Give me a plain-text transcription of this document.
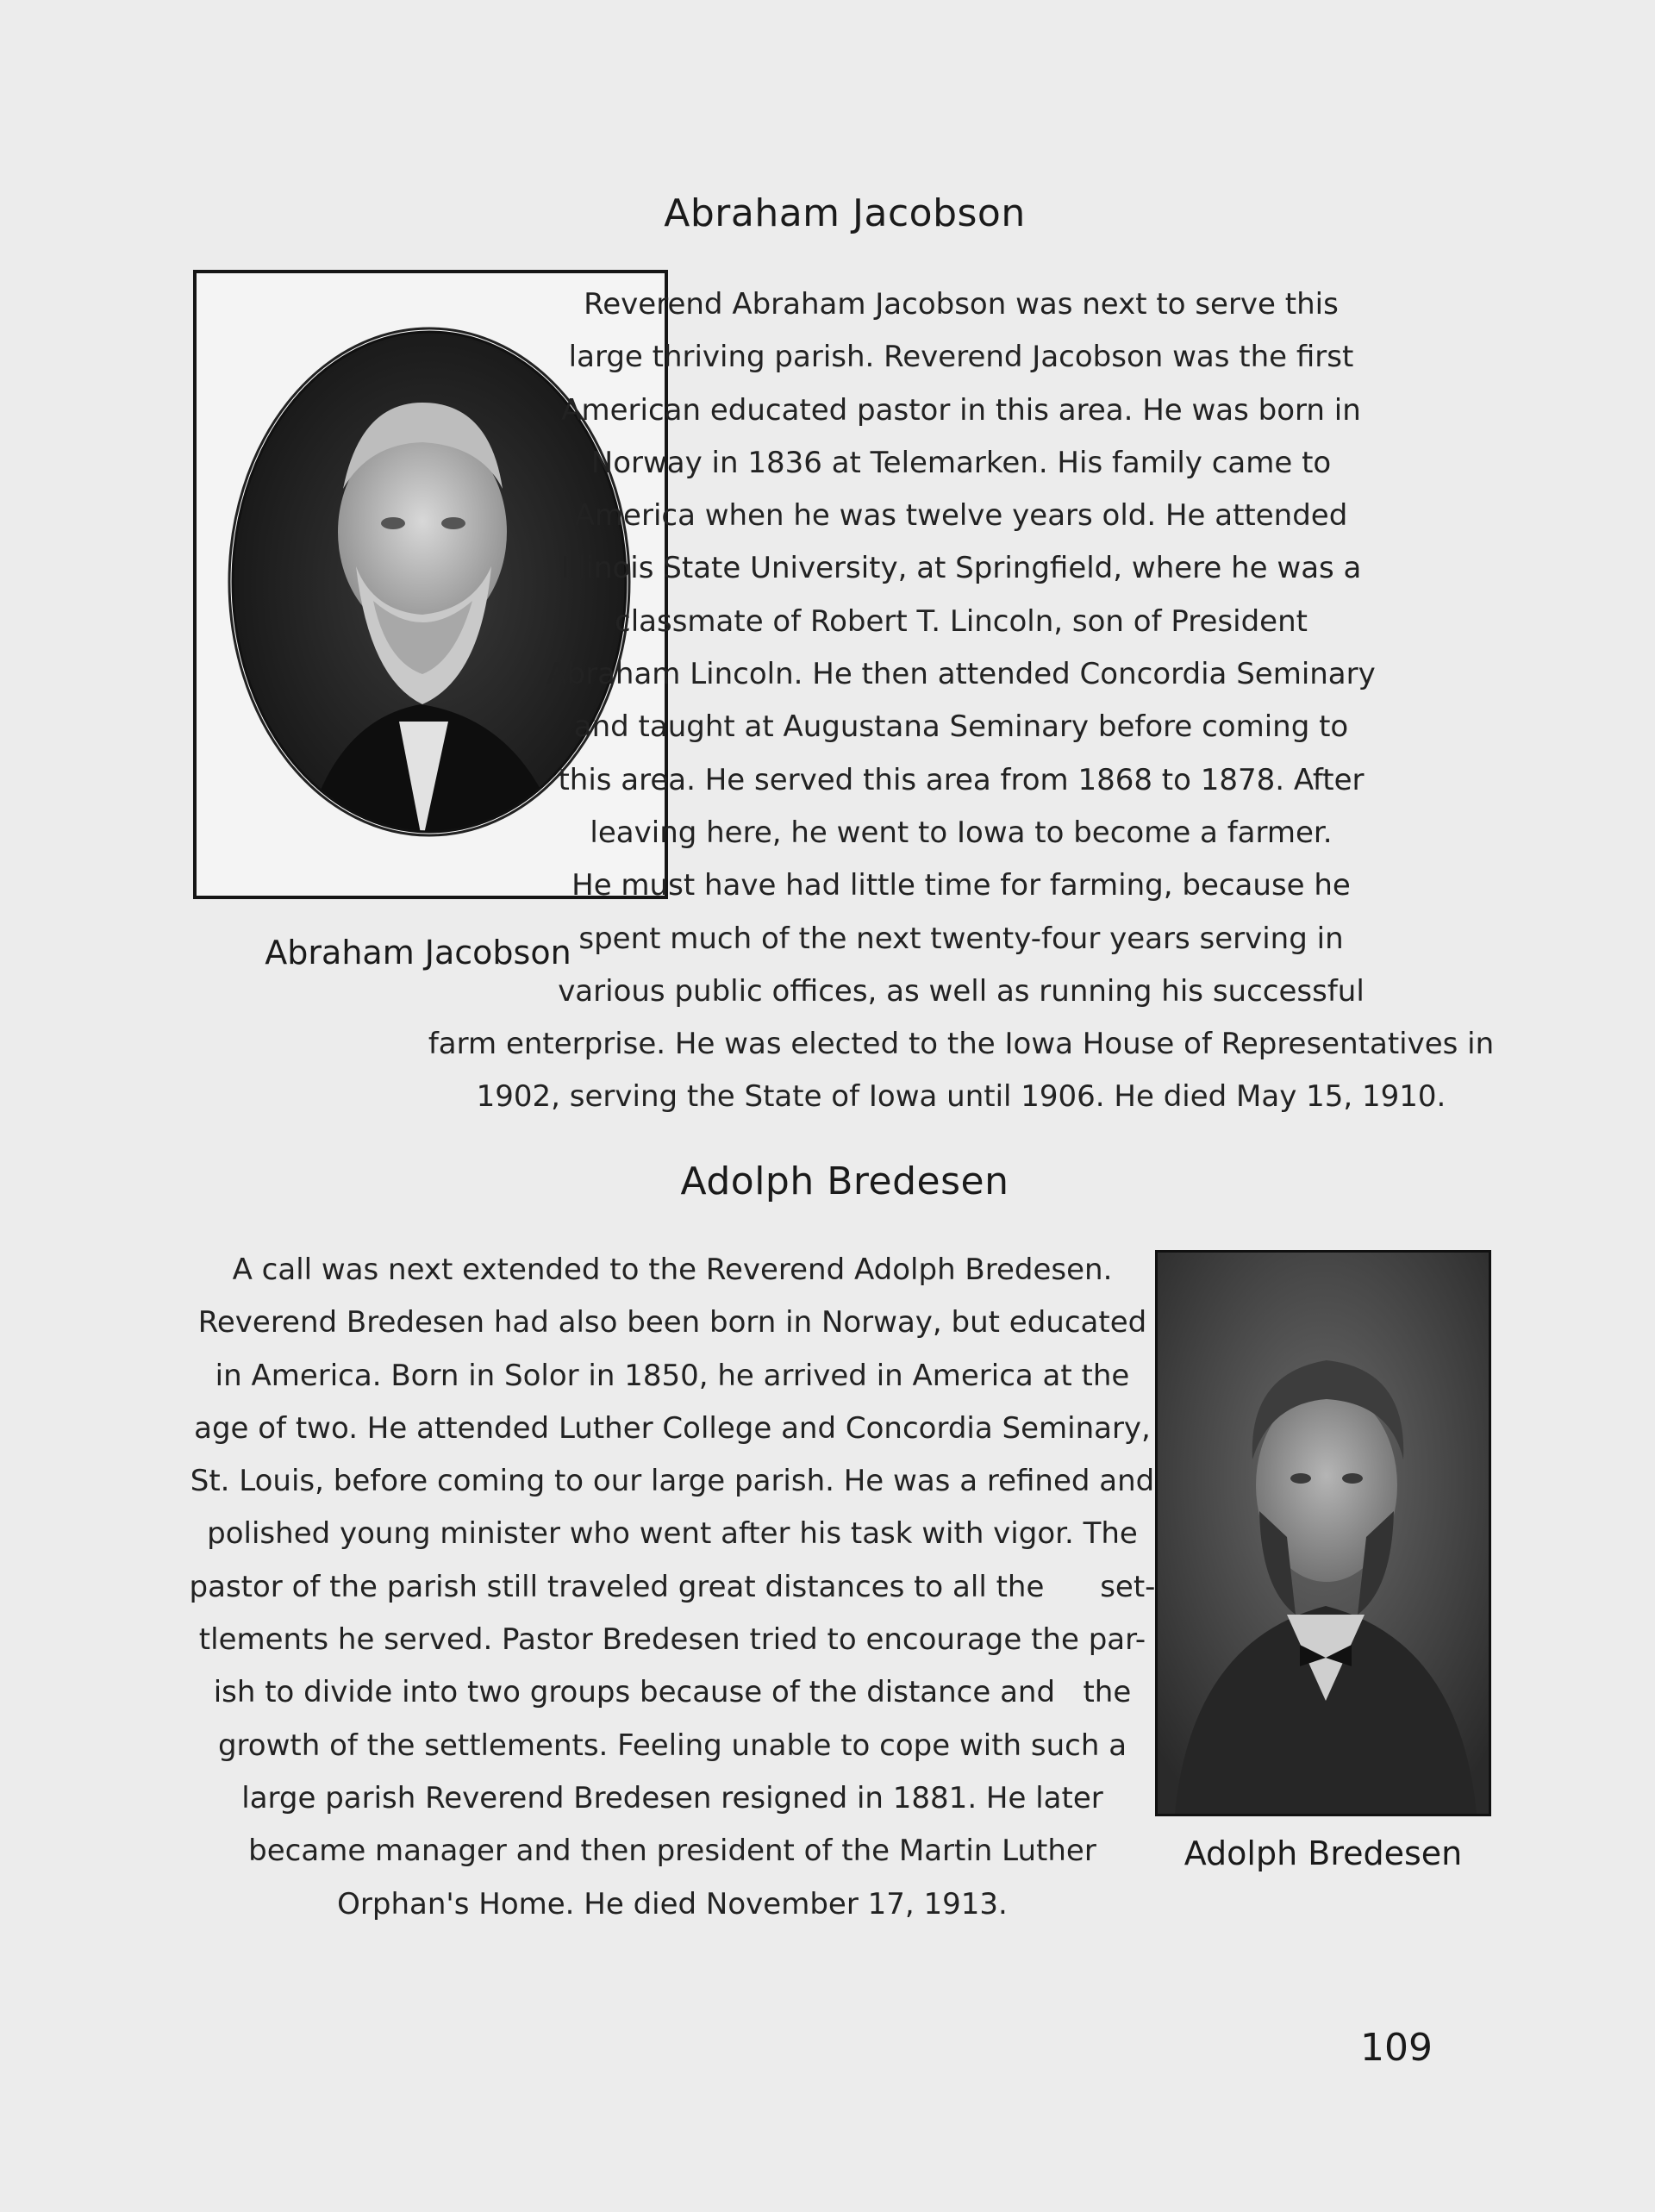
Abraham Jacobson

Abraham Jacobson

Reverend Abraham Jacobson was next to serve this
large thriving parish. Reverend Jacobson was the first
American educated pastor in this area. He was born in
Norway in 1836 at Telemarken. His family came to
America when he was twelve years old. He attended
Illinois State University, at Springfield, where he was a
classmate of Robert T. Lincoln, son of President
Abraham Lincoln. He then attended Concordia Seminary
and taught at Augustana Seminary before coming to
this area. He served this area from 1868 to 1878. After
leaving here, he went to Iowa to become a farmer.
He must have had little time for farming, because he
spent much of the next twenty-four years serving in
various public offices, as well as running his successful
farm enterprise. He was elected to the Iowa House of Representatives in
1902, serving the State of Iowa until 1906. He died May 15, 1910.

Adolph Bredesen

A call was next extended to the Reverend Adolph Bredesen.
Reverend Bredesen had also been born in Norway, but educated
in America. Born in Solor in 1850, he arrived in America at the
age of two. He attended Luther College and Concordia Seminary,
St. Louis, before coming to our large parish. He was a refined and
polished young minister who went after his task with vigor. The
pastor of the parish still traveled great distances to all the      set-
tlements he served. Pastor Bredesen tried to encourage the par-
ish to divide into two groups because of the distance and   the
growth of the settlements. Feeling unable to cope with such a
large parish Reverend Bredesen resigned in 1881. He later
became manager and then president of the Martin Luther
Orphan's Home. He died November 17, 1913.

Adolph Bredesen

109
